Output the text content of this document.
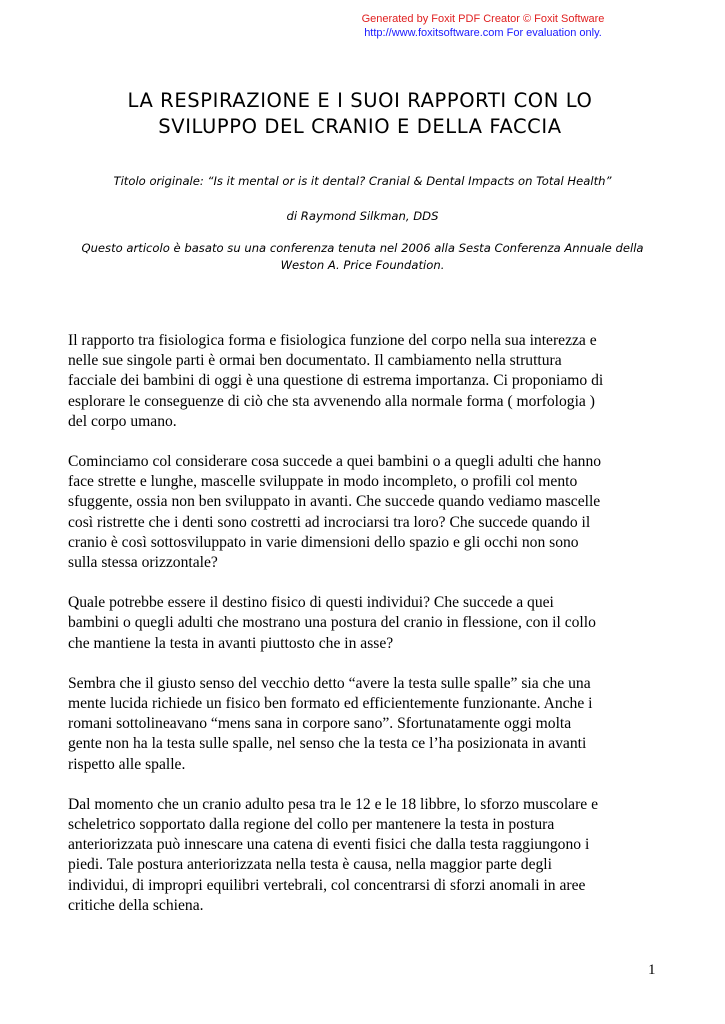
Generated by Foxit PDF Creator © Foxit Software
http://www.foxitsoftware.com For evaluation only.
LA RESPIRAZIONE E I SUOI RAPPORTI CON LO
SVILUPPO DEL CRANIO E DELLA FACCIA

Titolo originale: “Is it mental or is it dental? Cranial & Dental Impacts on Total Health”

di Raymond Silkman, DDS

Questo articolo è basato su una conferenza tenuta nel 2006 alla Sesta Conferenza Annuale della
Weston A. Price Foundation.

Il rapporto tra fisiologica forma e fisiologica funzione del corpo nella sua interezza e
nelle sue singole parti è ormai ben documentato. Il cambiamento nella struttura
facciale dei bambini di oggi è una questione di estrema importanza. Ci proponiamo di
esplorare le conseguenze di ciò che sta avvenendo alla normale forma ( morfologia )
del corpo umano.

Cominciamo col considerare cosa succede a quei bambini o a quegli adulti che hanno
face strette e lunghe, mascelle sviluppate in modo incompleto, o profili col mento
sfuggente, ossia non ben sviluppato in avanti. Che succede quando vediamo mascelle
così ristrette che i denti sono costretti ad incrociarsi tra loro? Che succede quando il
cranio è così sottosviluppato in varie dimensioni dello spazio e gli occhi non sono
sulla stessa orizzontale?

Quale potrebbe essere il destino fisico di questi individui? Che succede a quei
bambini o quegli adulti che mostrano una postura del cranio in flessione, con il collo
che mantiene la testa in avanti piuttosto che in asse?

Sembra che il giusto senso del vecchio detto “avere la testa sulle spalle” sia che una
mente lucida richiede un fisico ben formato ed efficientemente funzionante. Anche i
romani sottolineavano “mens sana in corpore sano”. Sfortunatamente oggi molta
gente non ha la testa sulle spalle, nel senso che la testa ce l’ha posizionata in avanti
rispetto alle spalle.

Dal momento che un cranio adulto pesa tra le 12 e le 18 libbre, lo sforzo muscolare e
scheletrico sopportato dalla regione del collo per mantenere la testa in postura
anteriorizzata può innescare una catena di eventi fisici che dalla testa raggiungono i
piedi. Tale postura anteriorizzata nella testa è causa, nella maggior parte degli
individui, di impropri equilibri vertebrali, col concentrarsi di sforzi anomali in aree
critiche della schiena.

1
